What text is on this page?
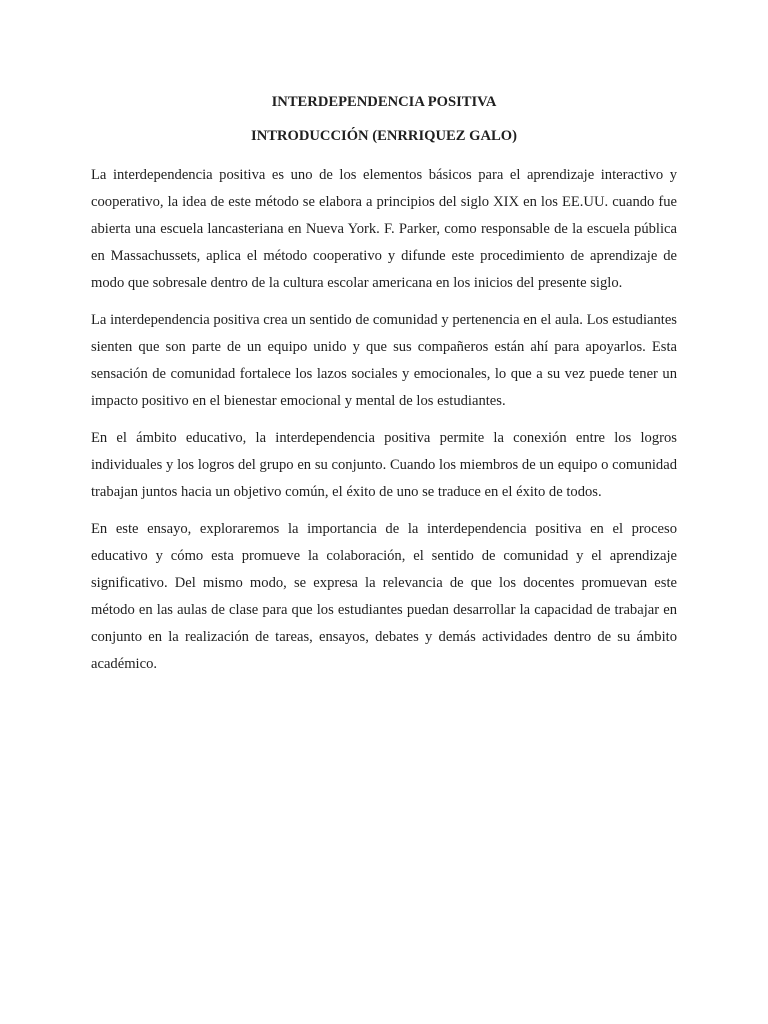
INTERDEPENDENCIA POSITIVA
INTRODUCCIÓN (ENRRIQUEZ GALO)

La interdependencia positiva es uno de los elementos básicos para el aprendizaje interactivo y cooperativo, la idea de este método se elabora a principios del siglo XIX en los EE.UU. cuando fue abierta una escuela lancasteriana en Nueva York. F. Parker, como responsable de la escuela pública en Massachussets, aplica el método cooperativo y difunde este procedimiento de aprendizaje de modo que sobresale dentro de la cultura escolar americana en los inicios del presente siglo.

La interdependencia positiva crea un sentido de comunidad y pertenencia en el aula. Los estudiantes sienten que son parte de un equipo unido y que sus compañeros están ahí para apoyarlos. Esta sensación de comunidad fortalece los lazos sociales y emocionales, lo que a su vez puede tener un impacto positivo en el bienestar emocional y mental de los estudiantes.

En el ámbito educativo, la interdependencia positiva permite la conexión entre los logros individuales y los logros del grupo en su conjunto. Cuando los miembros de un equipo o comunidad trabajan juntos hacia un objetivo común, el éxito de uno se traduce en el éxito de todos.

En este ensayo, exploraremos la importancia de la interdependencia positiva en el proceso educativo y cómo esta promueve la colaboración, el sentido de comunidad y el aprendizaje significativo. Del mismo modo, se expresa la relevancia de que los docentes promuevan este método en las aulas de clase para que los estudiantes puedan desarrollar la capacidad de trabajar en conjunto en la realización de tareas, ensayos, debates y demás actividades dentro de su ámbito académico.
